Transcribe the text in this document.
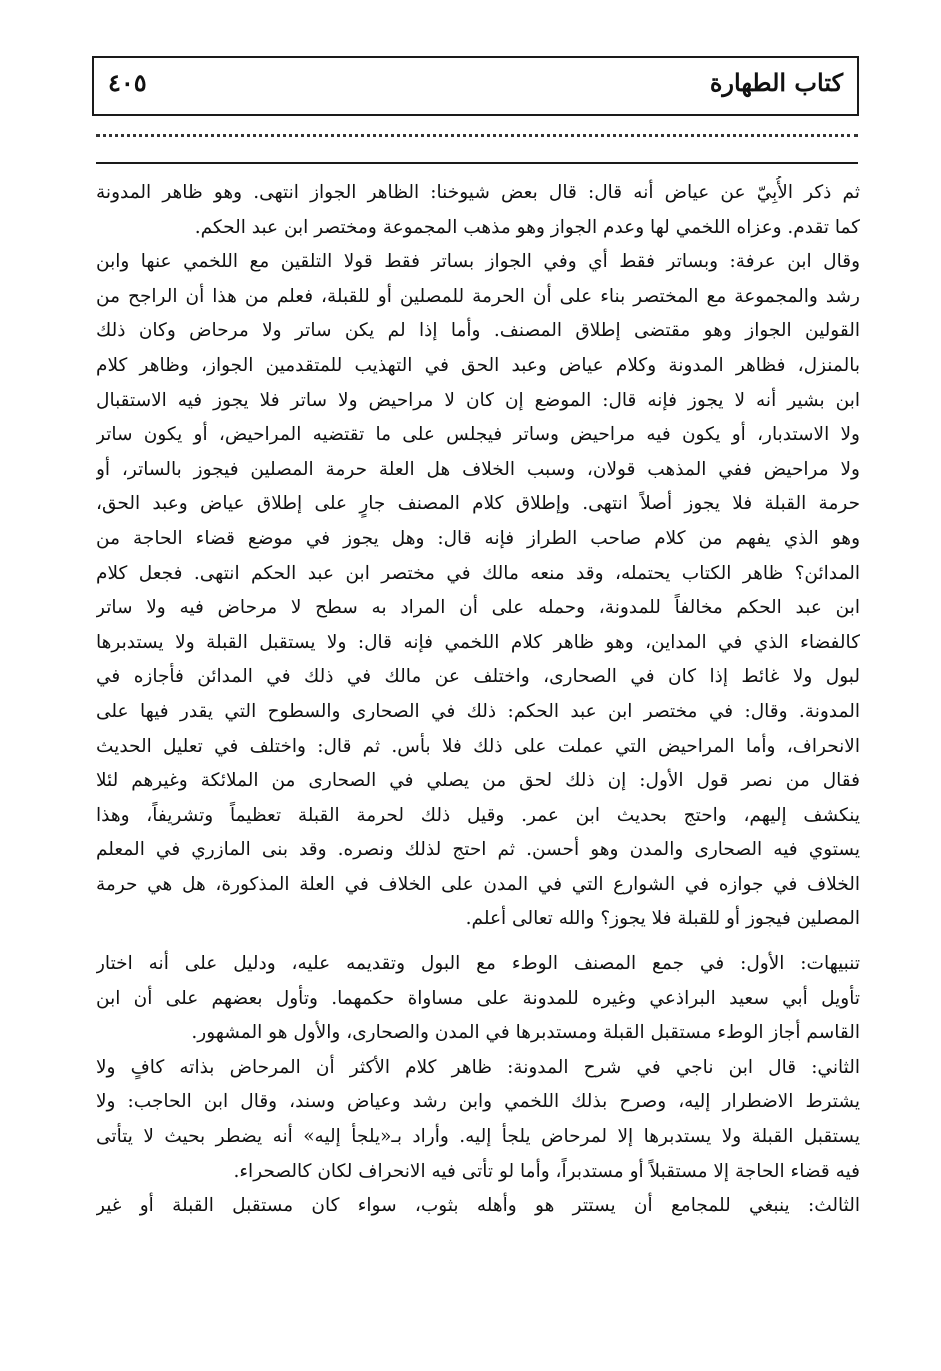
كتاب الطهارة
٤٠٥
ثم ذكر الأُبِيّ عن عياض أنه قال: قال بعض شيوخنا: الظاهر الجواز انتهى. وهو ظاهر المدونة
كما تقدم. وعزاه اللخمي لها وعدم الجواز وهو مذهب المجموعة ومختصر ابن عبد الحكم.
وقال ابن عرفة: وبساتر فقط أي وفي الجواز بساتر فقط قولا التلقين مع اللخمي عنها وابن
رشد والمجموعة مع المختصر بناء على أن الحرمة للمصلين أو للقبلة، فعلم من هذا أن الراجح من
القولين الجواز وهو مقتضى إطلاق المصنف. وأما إذا لم يكن ساتر ولا مرحاض وكان ذلك
بالمنزل، فظاهر المدونة وكلام عياض وعبد الحق في التهذيب للمتقدمين الجواز، وظاهر كلام
ابن بشير أنه لا يجوز فإنه قال: الموضع إن كان لا مراحيض ولا ساتر فلا يجوز فيه الاستقبال
ولا الاستدبار، أو يكون فيه مراحيض وساتر فيجلس على ما تقتضيه المراحيض، أو يكون ساتر
ولا مراحيض ففي المذهب قولان، وسبب الخلاف هل العلة حرمة المصلين فيجوز بالساتر، أو
حرمة القبلة فلا يجوز أصلاً انتهى. وإطلاق كلام المصنف جارٍ على إطلاق عياض وعبد الحق،
وهو الذي يفهم من كلام صاحب الطراز فإنه قال: وهل يجوز في موضع قضاء الحاجة من
المدائن؟ ظاهر الكتاب يحتمله، وقد منعه مالك في مختصر ابن عبد الحكم انتهى. فجعل كلام
ابن عبد الحكم مخالفاً للمدونة، وحمله على أن المراد به سطح لا مرحاض فيه ولا ساتر
كالفضاء الذي في المداين، وهو ظاهر كلام اللخمي فإنه قال: ولا يستقبل القبلة ولا يستدبرها
لبول ولا غائط إذا كان في الصحارى، واختلف عن مالك في ذلك في المدائن فأجازه في
المدونة. وقال: في مختصر ابن عبد الحكم: ذلك في الصحارى والسطوح التي يقدر فيها على
الانحراف، وأما المراحيض التي عملت على ذلك فلا بأس. ثم قال: واختلف في تعليل الحديث
فقال من نصر قول الأول: إن ذلك لحق من يصلي في الصحارى من الملائكة وغيرهم لئلا
ينكشف إليهم، واحتج بحديث ابن عمر. وقيل ذلك لحرمة القبلة تعظيماً وتشريفاً، وهذا
يستوي فيه الصحارى والمدن وهو أحسن. ثم احتج لذلك ونصره. وقد بنى المازري في المعلم
الخلاف في جوازه في الشوارع التي في المدن على الخلاف في العلة المذكورة، هل هي حرمة
المصلين فيجوز أو للقبلة فلا يجوز؟ والله تعالى أعلم.
تنبيهات: الأول: في جمع المصنف الوطء مع البول وتقديمه عليه، ودليل على أنه اختار
تأويل أبي سعيد البراذعي وغيره للمدونة على مساواة حكمهما. وتأول بعضهم على أن ابن
القاسم أجاز الوطء مستقبل القبلة ومستدبرها في المدن والصحارى، والأول هو المشهور.
الثاني: قال ابن ناجي في شرح المدونة: ظاهر كلام الأكثر أن المرحاض بذاته كافٍ ولا
يشترط الاضطرار إليه، وصرح بذلك اللخمي وابن رشد وعياض وسند، وقال ابن الحاجب: ولا
يستقبل القبلة ولا يستدبرها إلا لمرحاض يلجأ إليه. وأراد بـ«يلجأ إليه» أنه يضطر بحيث لا يتأتى
فيه قضاء الحاجة إلا مستقبلاً أو مستدبراً، وأما لو تأتى فيه الانحراف لكان كالصحراء.
الثالث: ينبغي للمجامع أن يستتر هو وأهله بثوب، سواء كان مستقبل القبلة أو غير
